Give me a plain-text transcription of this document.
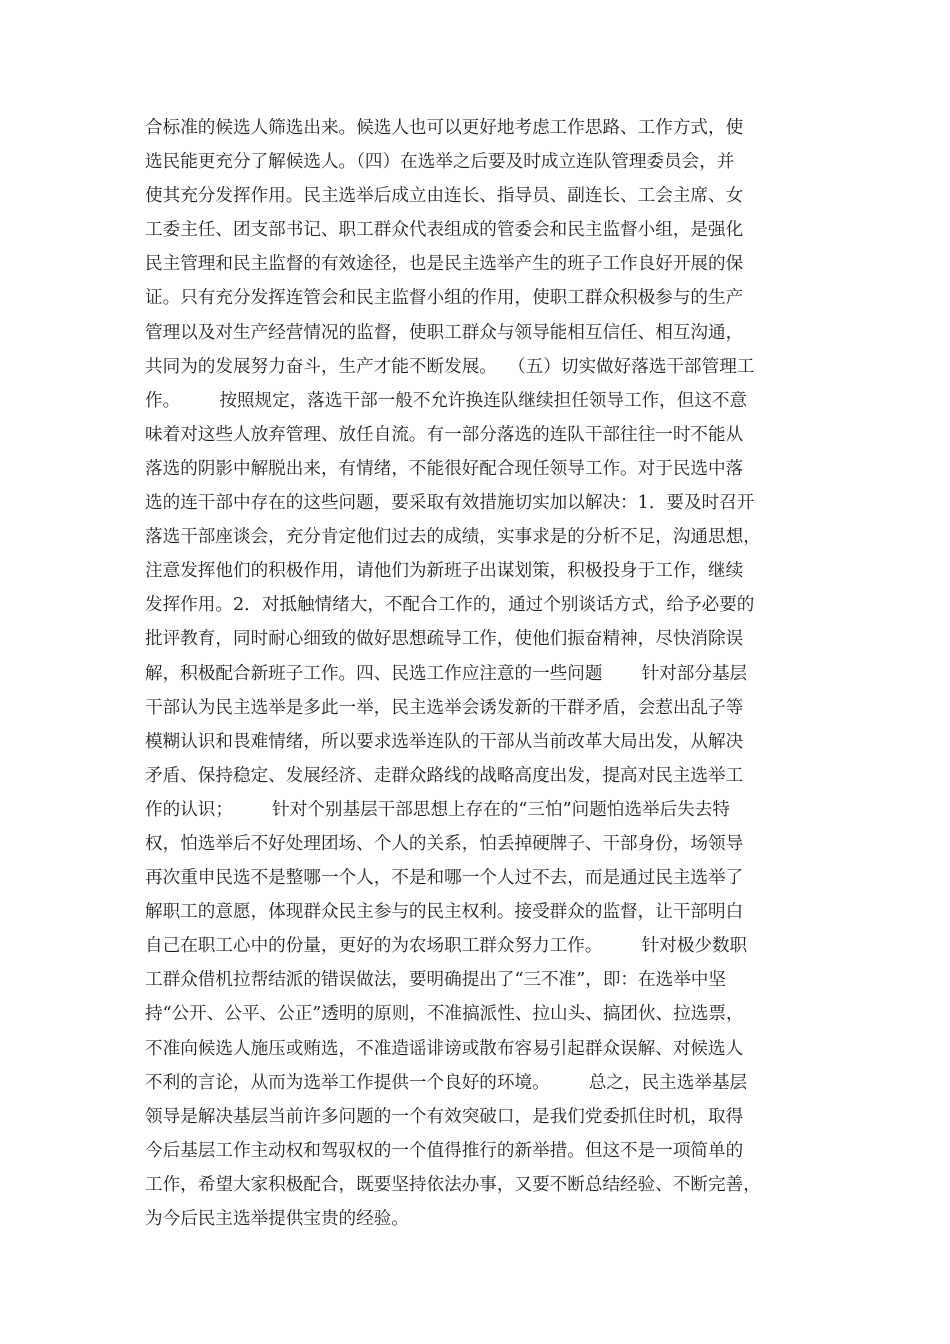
合标准的候选人筛选出来。候选人也可以更好地考虑工作思路、工作方式，使
选民能更充分了解候选人。（四）在选举之后要及时成立连队管理委员会，并
使其充分发挥作用。民主选举后成立由连长、指导员、副连长、工会主席、女
工委主任、团支部书记、职工群众代表组成的管委会和民主监督小组，是强化
民主管理和民主监督的有效途径，也是民主选举产生的班子工作良好开展的保
证。只有充分发挥连管会和民主监督小组的作用，使职工群众积极参与的生产
管理以及对生产经营情况的监督，使职工群众与领导能相互信任、相互沟通，
共同为的发展努力奋斗，生产才能不断发展。  （五）切实做好落选干部管理工
作。       按照规定，落选干部一般不允许换连队继续担任领导工作，但这不意
味着对这些人放弃管理、放任自流。有一部分落选的连队干部往往一时不能从
落选的阴影中解脱出来，有情绪，不能很好配合现任领导工作。对于民选中落
选的连干部中存在的这些问题，要采取有效措施切实加以解决：1．要及时召开
落选干部座谈会，充分肯定他们过去的成绩，实事求是的分析不足，沟通思想，
注意发挥他们的积极作用，请他们为新班子出谋划策，积极投身于工作，继续
发挥作用。2．对抵触情绪大，不配合工作的，通过个别谈话方式，给予必要的
批评教育，同时耐心细致的做好思想疏导工作，使他们振奋精神，尽快消除误
解，积极配合新班子工作。四、民选工作应注意的一些问题       针对部分基层
干部认为民主选举是多此一举，民主选举会诱发新的干群矛盾，会惹出乱子等
模糊认识和畏难情绪，所以要求选举连队的干部从当前改革大局出发，从解决
矛盾、保持稳定、发展经济、走群众路线的战略高度出发，提高对民主选举工
作的认识；       针对个别基层干部思想上存在的“三怕”问题怕选举后失去特
权，怕选举后不好处理团场、个人的关系，怕丢掉硬牌子、干部身份，场领导
再次重申民选不是整哪一个人，不是和哪一个人过不去，而是通过民主选举了
解职工的意愿，体现群众民主参与的民主权利。接受群众的监督，让干部明白
自己在职工心中的份量，更好的为农场职工群众努力工作。       针对极少数职
工群众借机拉帮结派的错误做法，要明确提出了“三不准”，即：在选举中坚
持“公开、公平、公正”透明的原则，不准搞派性、拉山头、搞团伙、拉选票，
不准向候选人施压或贿选，不准造谣诽谤或散布容易引起群众误解、对候选人
不利的言论，从而为选举工作提供一个良好的环境。       总之，民主选举基层
领导是解决基层当前许多问题的一个有效突破口，是我们党委抓住时机，取得
今后基层工作主动权和驾驭权的一个值得推行的新举措。但这不是一项简单的
工作，希望大家积极配合，既要坚持依法办事，又要不断总结经验、不断完善，
为今后民主选举提供宝贵的经验。
